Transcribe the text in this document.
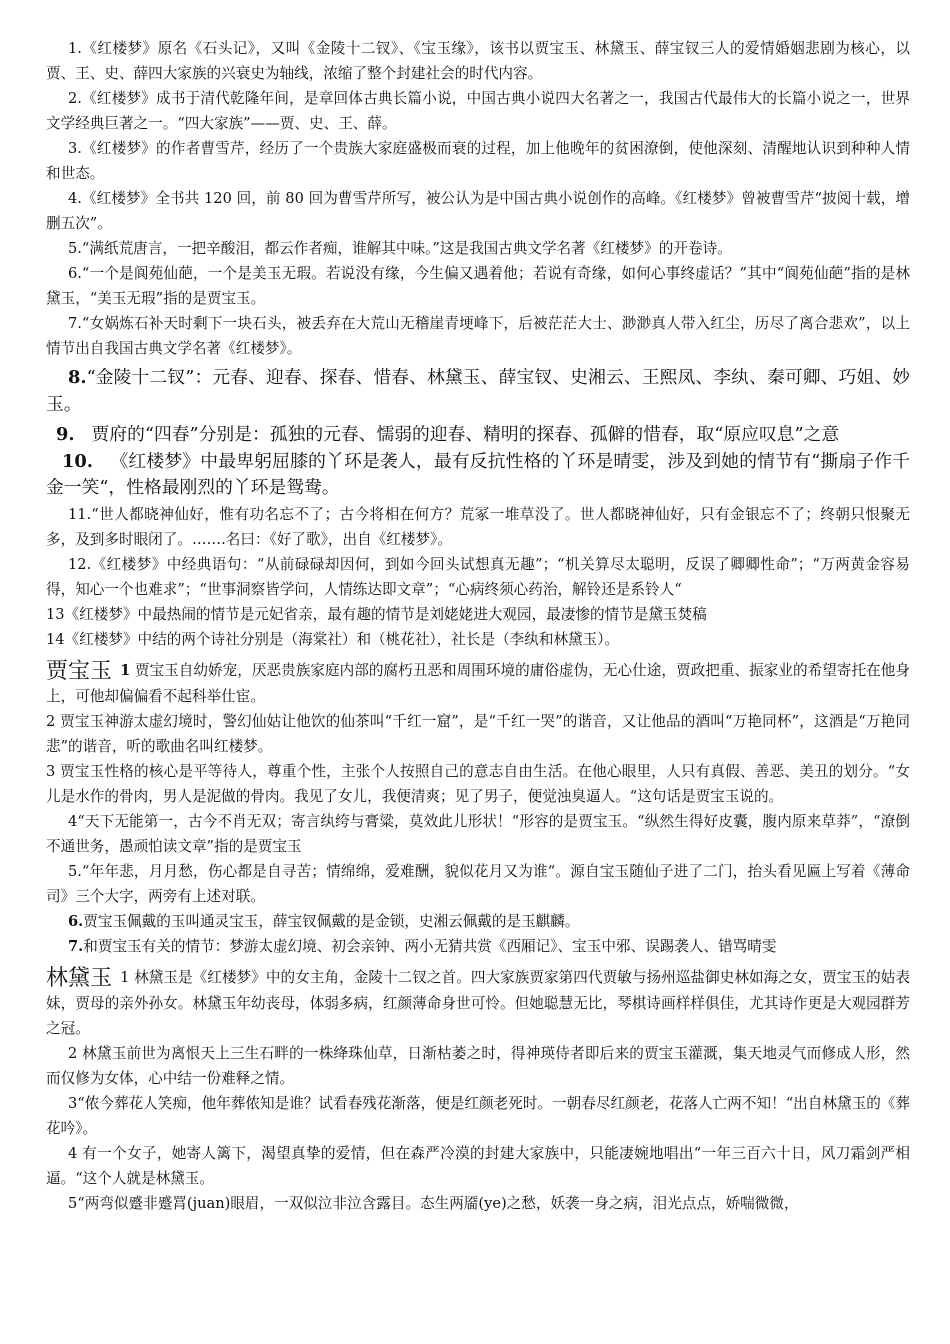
1.《红楼梦》原名《石头记》，又叫《金陵十二钗》、《宝玉缘》，该书以贾宝玉、林黛玉、薛宝钗三人的爱情婚姻悲剧为核心，以贾、王、史、薛四大家族的兴衰史为轴线，浓缩了整个封建社会的时代内容。

2.《红楼梦》成书于清代乾隆年间，是章回体古典长篇小说，中国古典小说四大名著之一，我国古代最伟大的长篇小说之一，世界文学经典巨著之一。“四大家族”——贾、史、王、薛。

3.《红楼梦》的作者曹雪芹，经历了一个贵族大家庭盛极而衰的过程，加上他晚年的贫困潦倒，使他深刻、清醒地认识到种种人情和世态。

4.《红楼梦》全书共 120 回，前 80 回为曹雪芹所写，被公认为是中国古典小说创作的高峰。《红楼梦》曾被曹雪芹“披阅十载，增删五次”。

5.“满纸荒唐言，一把辛酸泪，都云作者痴，谁解其中味。”这是我国古典文学名著《红楼梦》的开卷诗。

6.“一个是阆苑仙葩，一个是美玉无瑕。若说没有缘，今生偏又遇着他；若说有奇缘，如何心事终虚话？”其中“阆苑仙葩”指的是林黛玉，“美玉无瑕”指的是贾宝玉。

7.“女娲炼石补天时剩下一块石头，被丢弃在大荒山无稽崖青埂峰下，后被茫茫大士、渺渺真人带入红尘，历尽了离合悲欢”，以上情节出自我国古典文学名著《红楼梦》。

8.“金陵十二钗”：元春、迎春、探春、惜春、林黛玉、薛宝钗、史湘云、王熙凤、李纨、秦可卿、巧姐、妙玉。

9. 贾府的“四春”分别是：孤独的元春、懦弱的迎春、精明的探春、孤僻的惜春，取“原应叹息”之意

10. 《红楼梦》中最卑躬屈膝的丫环是袭人，最有反抗性格的丫环是晴雯，涉及到她的情节有“撕扇子作千金一笑“，性格最刚烈的丫环是鸳鸯。

11.“世人都晓神仙好，惟有功名忘不了；古今将相在何方？荒冢一堆草没了。世人都晓神仙好，只有金银忘不了；终朝只恨聚无多，及到多时眼闭了。…….名曰：《好了歌》，出自《红楼梦》。

12.《红楼梦》中经典语句：“从前碌碌却因何，到如今回头试想真无趣”；“机关算尽太聪明，反误了卿卿性命”；“万两黄金容易得，知心一个也难求”；“世事洞察皆学问，人情练达即文章”；“心病终须心药治，解铃还是系铃人“

13《红楼梦》中最热闹的情节是元妃省亲，最有趣的情节是刘姥姥进大观园，最凄惨的情节是黛玉焚稿

14《红楼梦》中结的两个诗社分别是（海棠社）和（桃花社），社长是（李纨和林黛玉）。

贾宝玉 1 贾宝玉自幼娇宠，厌恶贵族家庭内部的腐朽丑恶和周围环境的庸俗虚伪，无心仕途，贾政把重、振家业的希望寄托在他身上，可他却偏偏看不起科举仕宦。

2 贾宝玉神游太虚幻境时，警幻仙姑让他饮的仙茶叫“千红一窟”，是“千红一哭”的谐音，又让他品的酒叫“万艳同杯”，这酒是“万艳同悲”的谐音，听的歌曲名叫红楼梦。

3 贾宝玉性格的核心是平等待人，尊重个性，主张个人按照自己的意志自由生活。在他心眼里，人只有真假、善恶、美丑的划分。“女儿是水作的骨肉，男人是泥做的骨肉。我见了女儿，我便清爽；见了男子，便觉浊臭逼人。“这句话是贾宝玉说的。

4“天下无能第一，古今不肖无双；寄言纨绔与膏粱，莫效此儿形状！“形容的是贾宝玉。“纵然生得好皮囊，腹内原来草莽”，“潦倒不通世务，愚顽怕读文章”指的是贾宝玉

5.“年年悲，月月愁，伤心都是自寻苦；情绵绵，爱难酬，貌似花月又为谁“。源自宝玉随仙子进了二门，抬头看见匾上写着《薄命司》三个大字，两旁有上述对联。

6.贾宝玉佩戴的玉叫通灵宝玉，薛宝钗佩戴的是金锁，史湘云佩戴的是玉麒麟。

7.和贾宝玉有关的情节：梦游太虚幻境、初会亲钟、两小无猜共赏《西厢记》、宝玉中邪、误踢袭人、错骂晴雯

林黛玉 1 林黛玉是《红楼梦》中的女主角，金陵十二钗之首。四大家族贾家第四代贾敏与扬州巡盐御史林如海之女，贾宝玉的姑表妹，贾母的亲外孙女。林黛玉年幼丧母，体弱多病，红颜薄命身世可怜。但她聪慧无比，琴棋诗画样样俱佳，尤其诗作更是大观园群芳之冠。

2 林黛玉前世为离恨天上三生石畔的一株绛珠仙草，日渐枯萎之时，得神瑛侍者即后来的贾宝玉灌溉，集天地灵气而修成人形，然而仅修为女体，心中结一份难释之情。

3“侬今葬花人笑痴，他年葬侬知是谁？试看春残花渐落，便是红颜老死时。一朝春尽红颜老，花落人亡两不知！“出自林黛玉的《葬花吟》。

4 有一个女子，她寄人篱下，渴望真挚的爱情，但在森严冷漠的封建大家族中，只能凄婉地唱出“一年三百六十日，风刀霜剑严相逼。“这个人就是林黛玉。

5“两弯似蹙非蹙罥(juan)眼眉，一双似泣非泣含露目。态生两靥(ye)之愁，妖袭一身之病，泪光点点，娇喘微微，
